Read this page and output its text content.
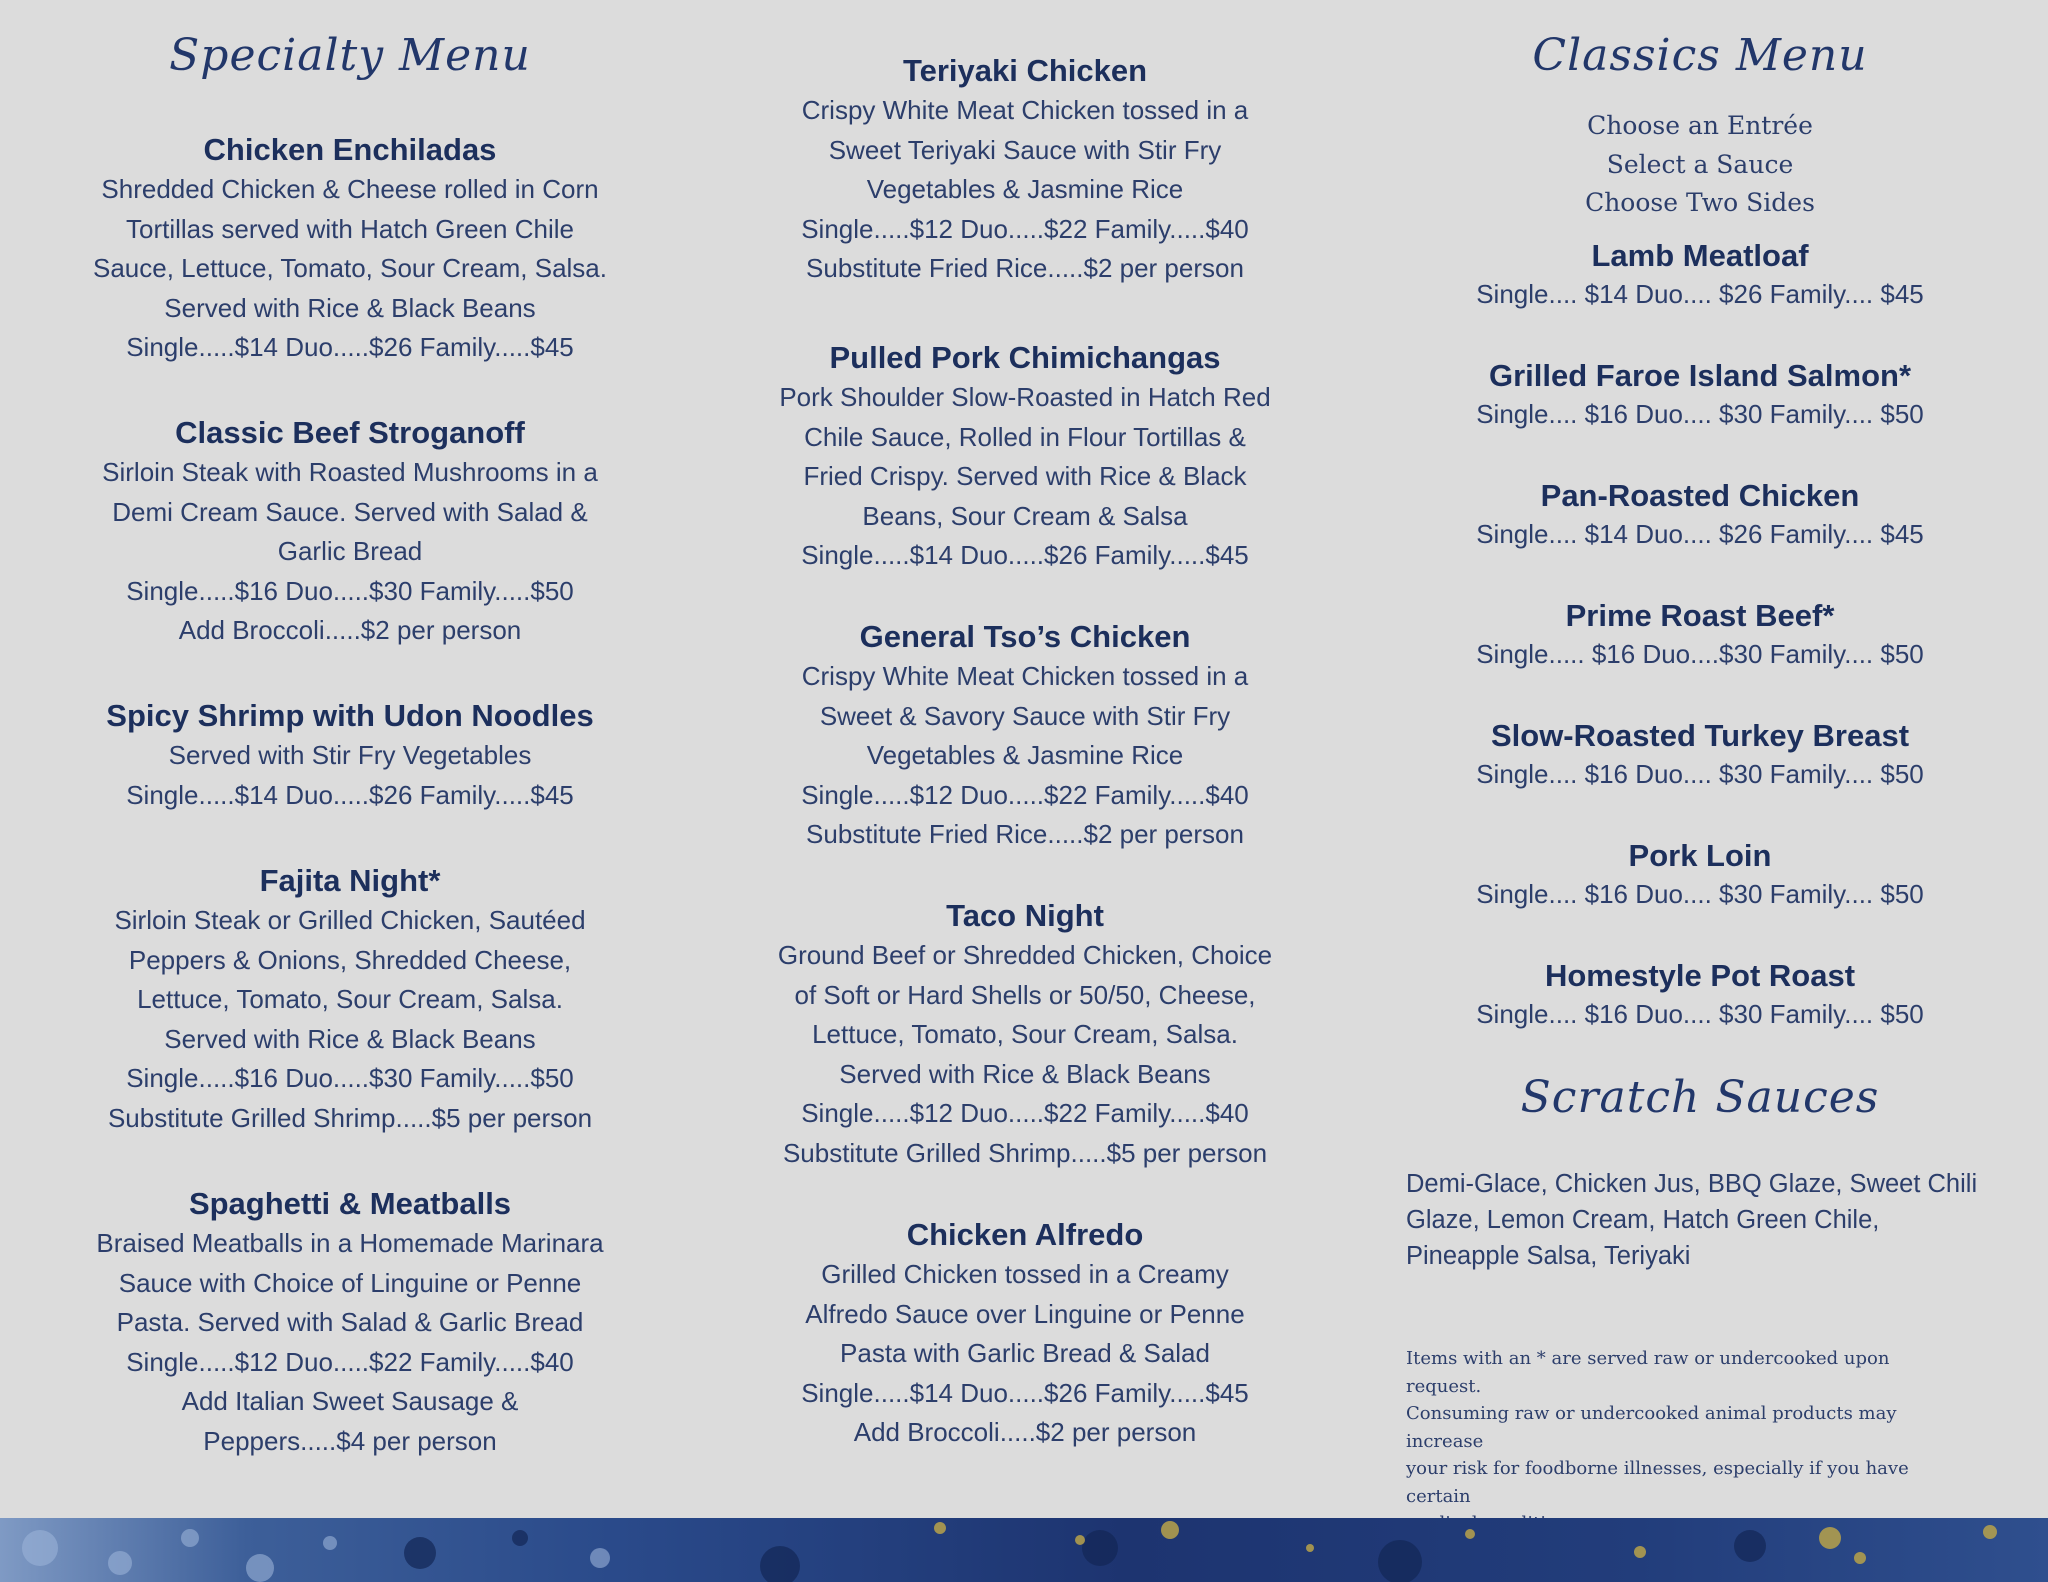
Specialty Menu
Chicken Enchiladas
Shredded Chicken & Cheese rolled in Corn
Tortillas served with Hatch Green Chile
Sauce, Lettuce, Tomato, Sour Cream, Salsa.
Served with Rice & Black Beans
Single.....$14 Duo.....$26 Family.....$45
Classic Beef Stroganoff
Sirloin Steak with Roasted Mushrooms in a
Demi Cream Sauce. Served with Salad &
Garlic Bread
Single.....$16 Duo.....$30 Family.....$50
Add Broccoli.....$2 per person
Spicy Shrimp with Udon Noodles
Served with Stir Fry Vegetables
Single.....$14 Duo.....$26 Family.....$45
Fajita Night*
Sirloin Steak or Grilled Chicken, Sautéed
Peppers & Onions, Shredded Cheese,
Lettuce, Tomato, Sour Cream, Salsa.
Served with Rice & Black Beans
Single.....$16 Duo.....$30 Family.....$50
Substitute Grilled Shrimp.....$5 per person
Spaghetti & Meatballs
Braised Meatballs in a Homemade Marinara
Sauce with Choice of Linguine or Penne
Pasta. Served with Salad & Garlic Bread
Single.....$12 Duo.....$22 Family.....$40
Add Italian Sweet Sausage &
Peppers.....$4 per person
Teriyaki Chicken
Crispy White Meat Chicken tossed in a
Sweet Teriyaki Sauce with Stir Fry
Vegetables & Jasmine Rice
Single.....$12 Duo.....$22 Family.....$40
Substitute Fried Rice.....$2 per person
Pulled Pork Chimichangas
Pork Shoulder Slow-Roasted in Hatch Red
Chile Sauce, Rolled in Flour Tortillas &
Fried Crispy. Served with Rice & Black
Beans, Sour Cream & Salsa
Single.....$14 Duo.....$26 Family.....$45
General Tso’s Chicken
Crispy White Meat Chicken tossed in a
Sweet & Savory Sauce with Stir Fry
Vegetables & Jasmine Rice
Single.....$12 Duo.....$22 Family.....$40
Substitute Fried Rice.....$2 per person
Taco Night
Ground Beef or Shredded Chicken, Choice
of Soft or Hard Shells or 50/50, Cheese,
Lettuce, Tomato, Sour Cream, Salsa.
Served with Rice & Black Beans
Single.....$12 Duo.....$22 Family.....$40
Substitute Grilled Shrimp.....$5 per person
Chicken Alfredo
Grilled Chicken tossed in a Creamy
Alfredo Sauce over Linguine or Penne
Pasta with Garlic Bread & Salad
Single.....$14 Duo.....$26 Family.....$45
Add Broccoli.....$2 per person
Classics Menu
Choose an Entrée
Select a Sauce
Choose Two Sides
Lamb Meatloaf
Single.... $14 Duo.... $26 Family.... $45
Grilled Faroe Island Salmon*
Single.... $16 Duo.... $30 Family.... $50
Pan-Roasted Chicken
Single.... $14 Duo.... $26 Family.... $45
Prime Roast Beef*
Single..... $16 Duo....$30 Family.... $50
Slow-Roasted Turkey Breast
Single.... $16 Duo.... $30 Family.... $50
Pork Loin
Single.... $16 Duo.... $30 Family.... $50
Homestyle Pot Roast
Single.... $16 Duo.... $30 Family.... $50
Scratch Sauces
Demi-Glace, Chicken Jus, BBQ Glaze, Sweet Chili
Glaze, Lemon Cream, Hatch Green Chile,
Pineapple Salsa, Teriyaki
Items with an * are served raw or undercooked upon request.
Consuming raw or undercooked animal products may increase
your risk for foodborne illnesses, especially if you have certain
